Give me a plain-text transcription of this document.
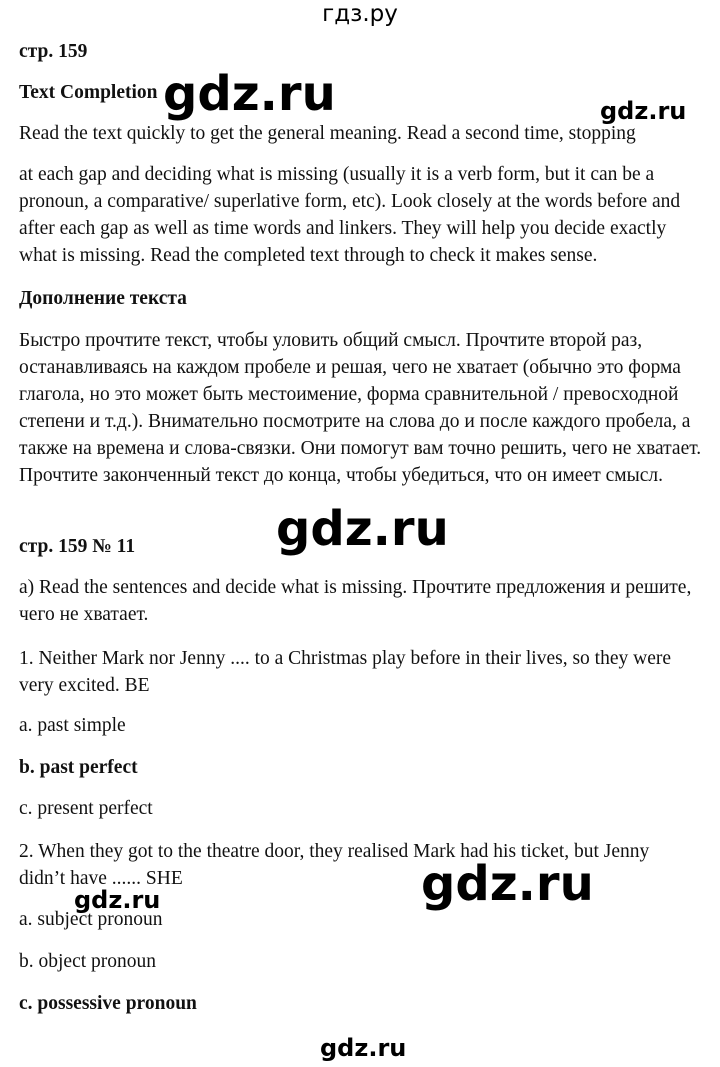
гдз.ру
стр. 159
Text Completion
Read the text quickly to get the general meaning. Read a second time, stopping
at each gap and deciding what is missing (usually it is a verb form, but it can be a pronoun, a comparative/ superlative form, etc). Look closely at the words before and after each gap as well as time words and linkers. They will help you decide exactly what is missing. Read the completed text through to check it makes sense.
Дополнение текста
Быстро прочтите текст, чтобы уловить общий смысл. Прочтите второй раз, останавливаясь на каждом пробеле и решая, чего не хватает (обычно это форма глагола, но это может быть местоимение, форма сравнительной / превосходной степени и т.д.). Внимательно посмотрите на слова до и после каждого пробела, а также на времена и слова-связки. Они помогут вам точно решить, чего не хватает. Прочтите законченный текст до конца, чтобы убедиться, что он имеет смысл.
стр. 159 № 11
a) Read the sentences and decide what is missing. Прочтите предложения и решите, чего не хватает.
1. Neither Mark nor Jenny .... to a Christmas play before in their lives, so they were very excited. BE
a. past simple
b. past perfect
c. present perfect
2. When they got to the theatre door, they realised Mark had his ticket, but Jenny didn’t have ...... SHE
a. subject pronoun
b. object pronoun
c. possessive pronoun
gdz.ru	gdz.ru
gdz.ru
gdz.ru
gdz.ru
gdz.ru
